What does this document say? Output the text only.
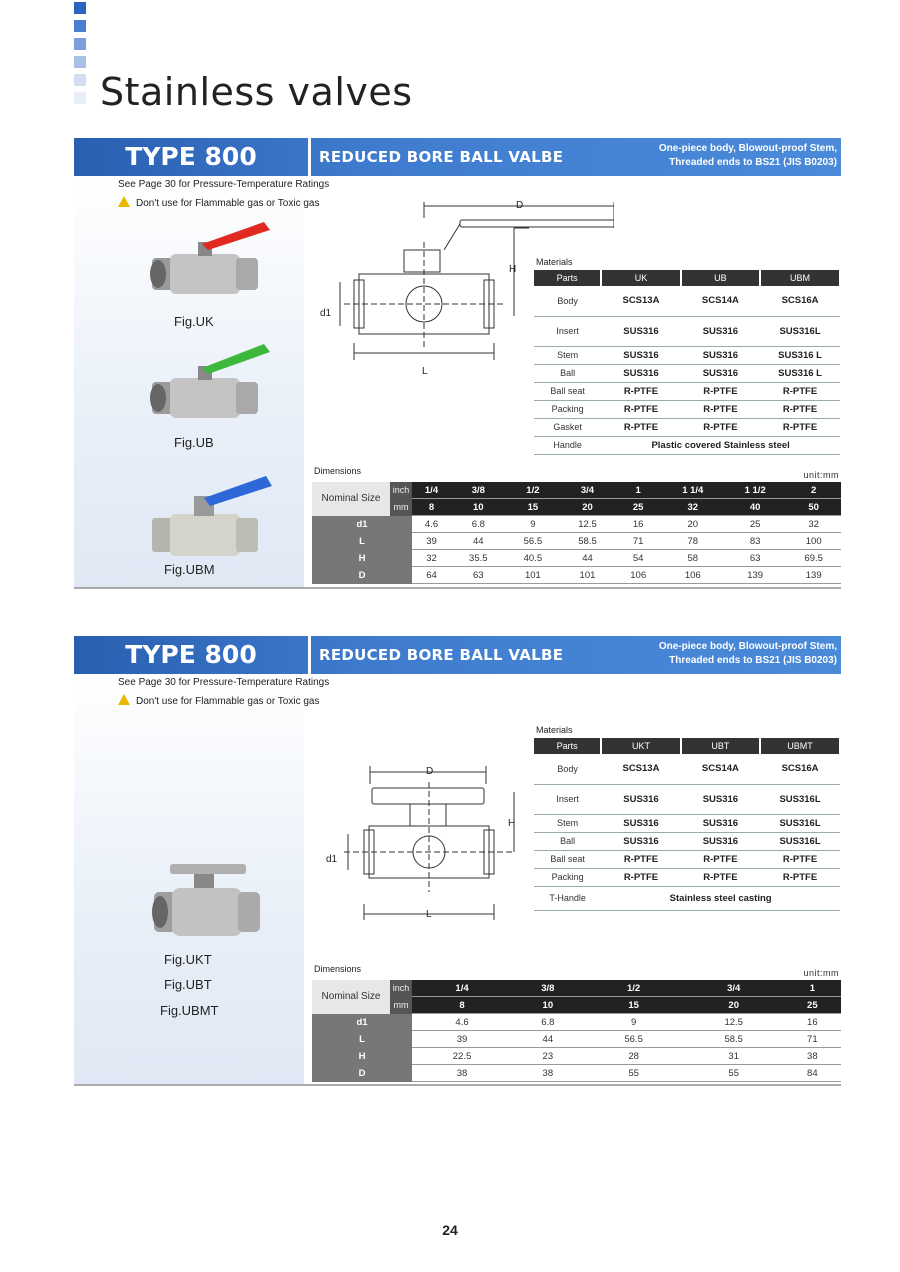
Stainless valves
TYPE 800	REDUCED BORE BALL VALBE	One-piece body, Blowout-proof Stem,
Threaded ends to BS21 (JIS B0203)
See Page 30 for Pressure-Temperature Ratings
Don't use for Flammable gas or Toxic gas
Fig.UK
Fig.UB
Fig.UBM
D
H
d1
L
Materials
Parts	UK	UB	UBM
Body	SCS13A	SCS14A	SCS16A
Insert	SUS316	SUS316	SUS316L
Stem	SUS316	SUS316	SUS316 L
Ball	SUS316	SUS316	SUS316 L
Ball seat	R-PTFE	R-PTFE	R-PTFE
Packing	R-PTFE	R-PTFE	R-PTFE
Gasket	R-PTFE	R-PTFE	R-PTFE
Handle	Plastic covered Stainless steel		
Dimensions	unit:mm
Nominal Size	inch	1/4	3/8	1/2	3/4	1	1 1/4	1 1/2	2
	mm	8	10	15	20	25	32	40	50
d1		4.6	6.8	9	12.5	16	20	25	32
L		39	44	56.5	58.5	71	78	83	100
H		32	35.5	40.5	44	54	58	63	69.5
D		64	63	101	101	106	106	139	139
TYPE 800	REDUCED BORE BALL VALBE	One-piece body, Blowout-proof Stem,
Threaded ends to BS21 (JIS B0203)
See Page 30 for Pressure-Temperature Ratings
Don't use for Flammable gas or Toxic gas
Fig.UKT
Fig.UBT
Fig.UBMT
D
H
d1
L
Materials
Parts	UKT	UBT	UBMT
Body	SCS13A	SCS14A	SCS16A
Insert	SUS316	SUS316	SUS316L
Stem	SUS316	SUS316	SUS316L
Ball	SUS316	SUS316	SUS316L
Ball seat	R-PTFE	R-PTFE	R-PTFE
Packing	R-PTFE	R-PTFE	R-PTFE
T-Handle	Stainless steel casting		
Dimensions	unit:mm
Nominal Size	inch	1/4	3/8	1/2	3/4	1			
	mm	8	10	15	20	25			
d1		4.6	6.8	9	12.5	16			
L		39	44	56.5	58.5	71			
H		22.5	23	28	31	38			
D		38	38	55	55	84			
24
